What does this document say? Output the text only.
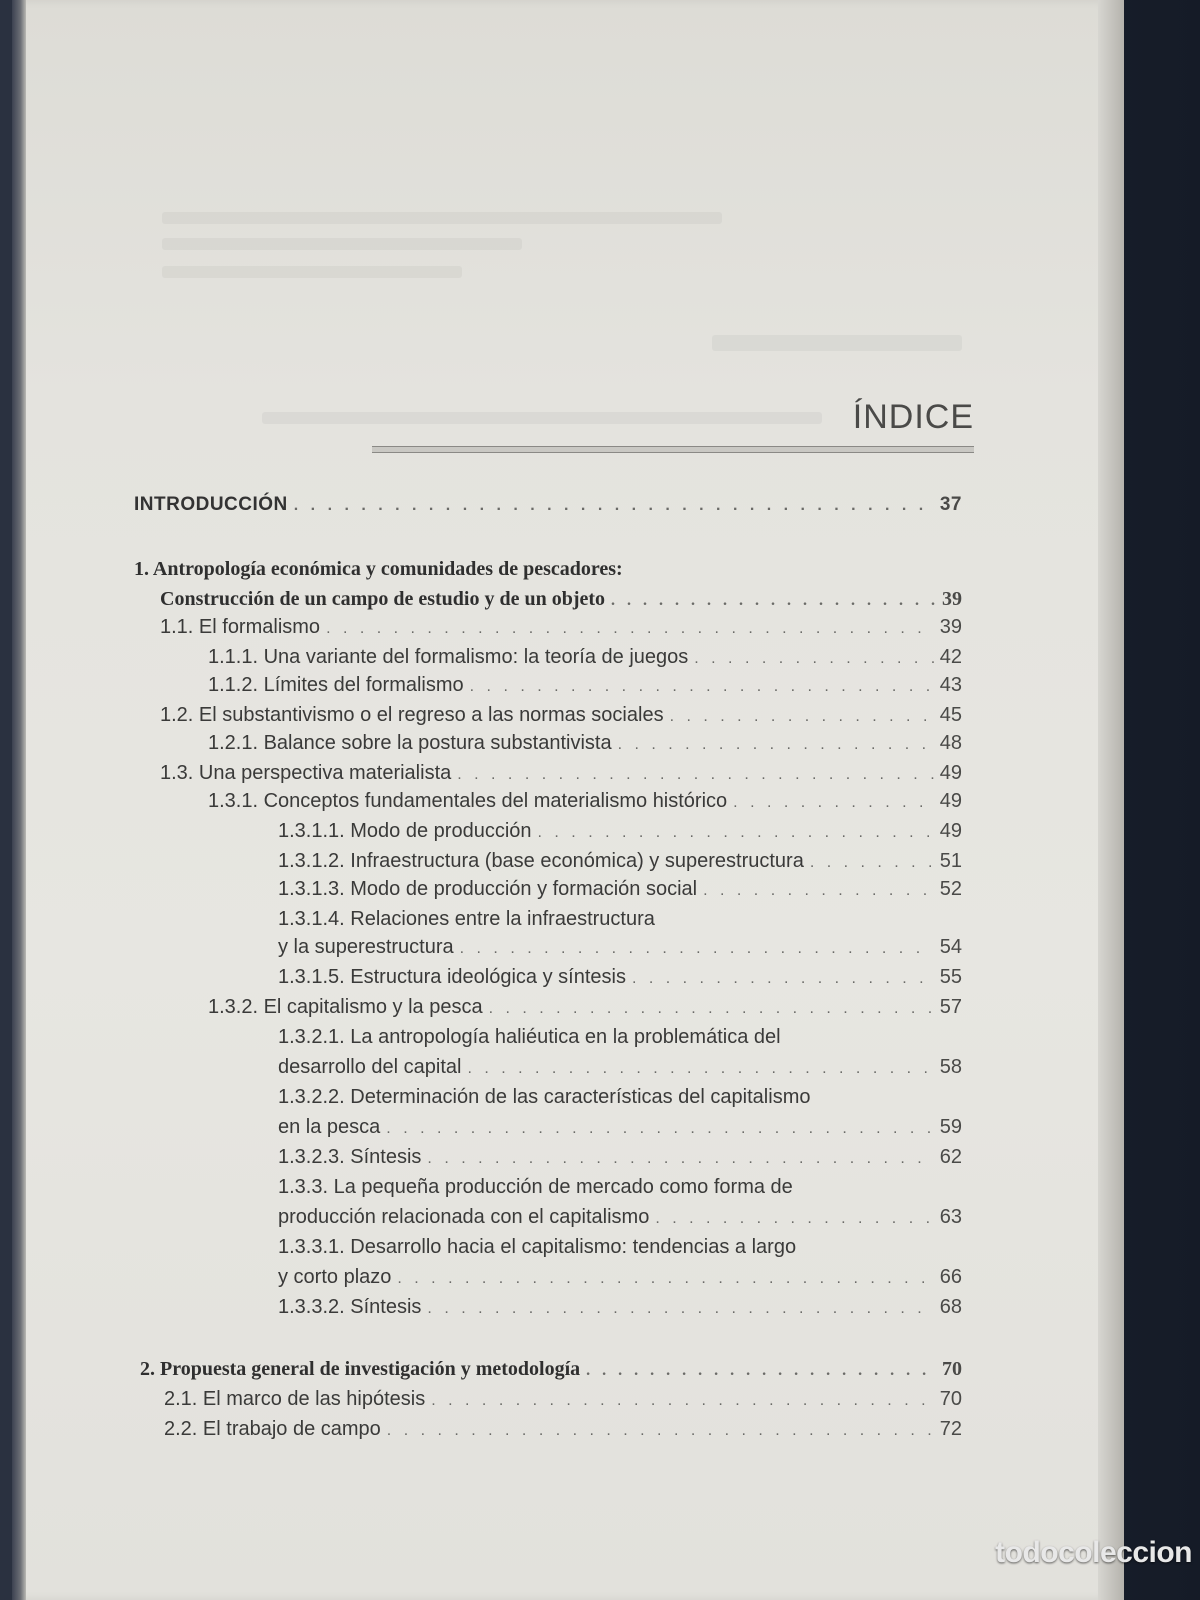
ÍNDICE
INTRODUCCIÓN . . .	37
1. Antropología económica y comunidades de pescadores:
Construcción de un campo de estudio y de un objeto . . .	39
1.1. El formalismo . . .	39
1.1.1. Una variante del formalismo: la teoría de juegos . . .	42
1.1.2. Límites del formalismo . . .	43
1.2. El substantivismo o el regreso a las normas sociales . . .	45
1.2.1. Balance sobre la postura substantivista . . .	48
1.3. Una perspectiva materialista . . .	49
1.3.1. Conceptos fundamentales del materialismo histórico . . .	49
1.3.1.1. Modo de producción . . .	49
1.3.1.2. Infraestructura (base económica) y superestructura . . .	51
1.3.1.3. Modo de producción y formación social . . .	52
1.3.1.4. Relaciones entre la infraestructura
y la superestructura . . .	54
1.3.1.5. Estructura ideológica y síntesis . . .	55
1.3.2. El capitalismo y la pesca . . .	57
1.3.2.1. La antropología haliéutica en la problemática del
desarrollo del capital . . .	58
1.3.2.2. Determinación de las características del capitalismo
en la pesca . . .	59
1.3.2.3. Síntesis . . .	62
1.3.3. La pequeña producción de mercado como forma de
producción relacionada con el capitalismo . . .	63
1.3.3.1. Desarrollo hacia el capitalismo: tendencias a largo
y corto plazo . . .	66
1.3.3.2. Síntesis . . .	68
2. Propuesta general de investigación y metodología . . .	70
2.1. El marco de las hipótesis . . .	70
2.2. El trabajo de campo . . .	72
todocoleccion
